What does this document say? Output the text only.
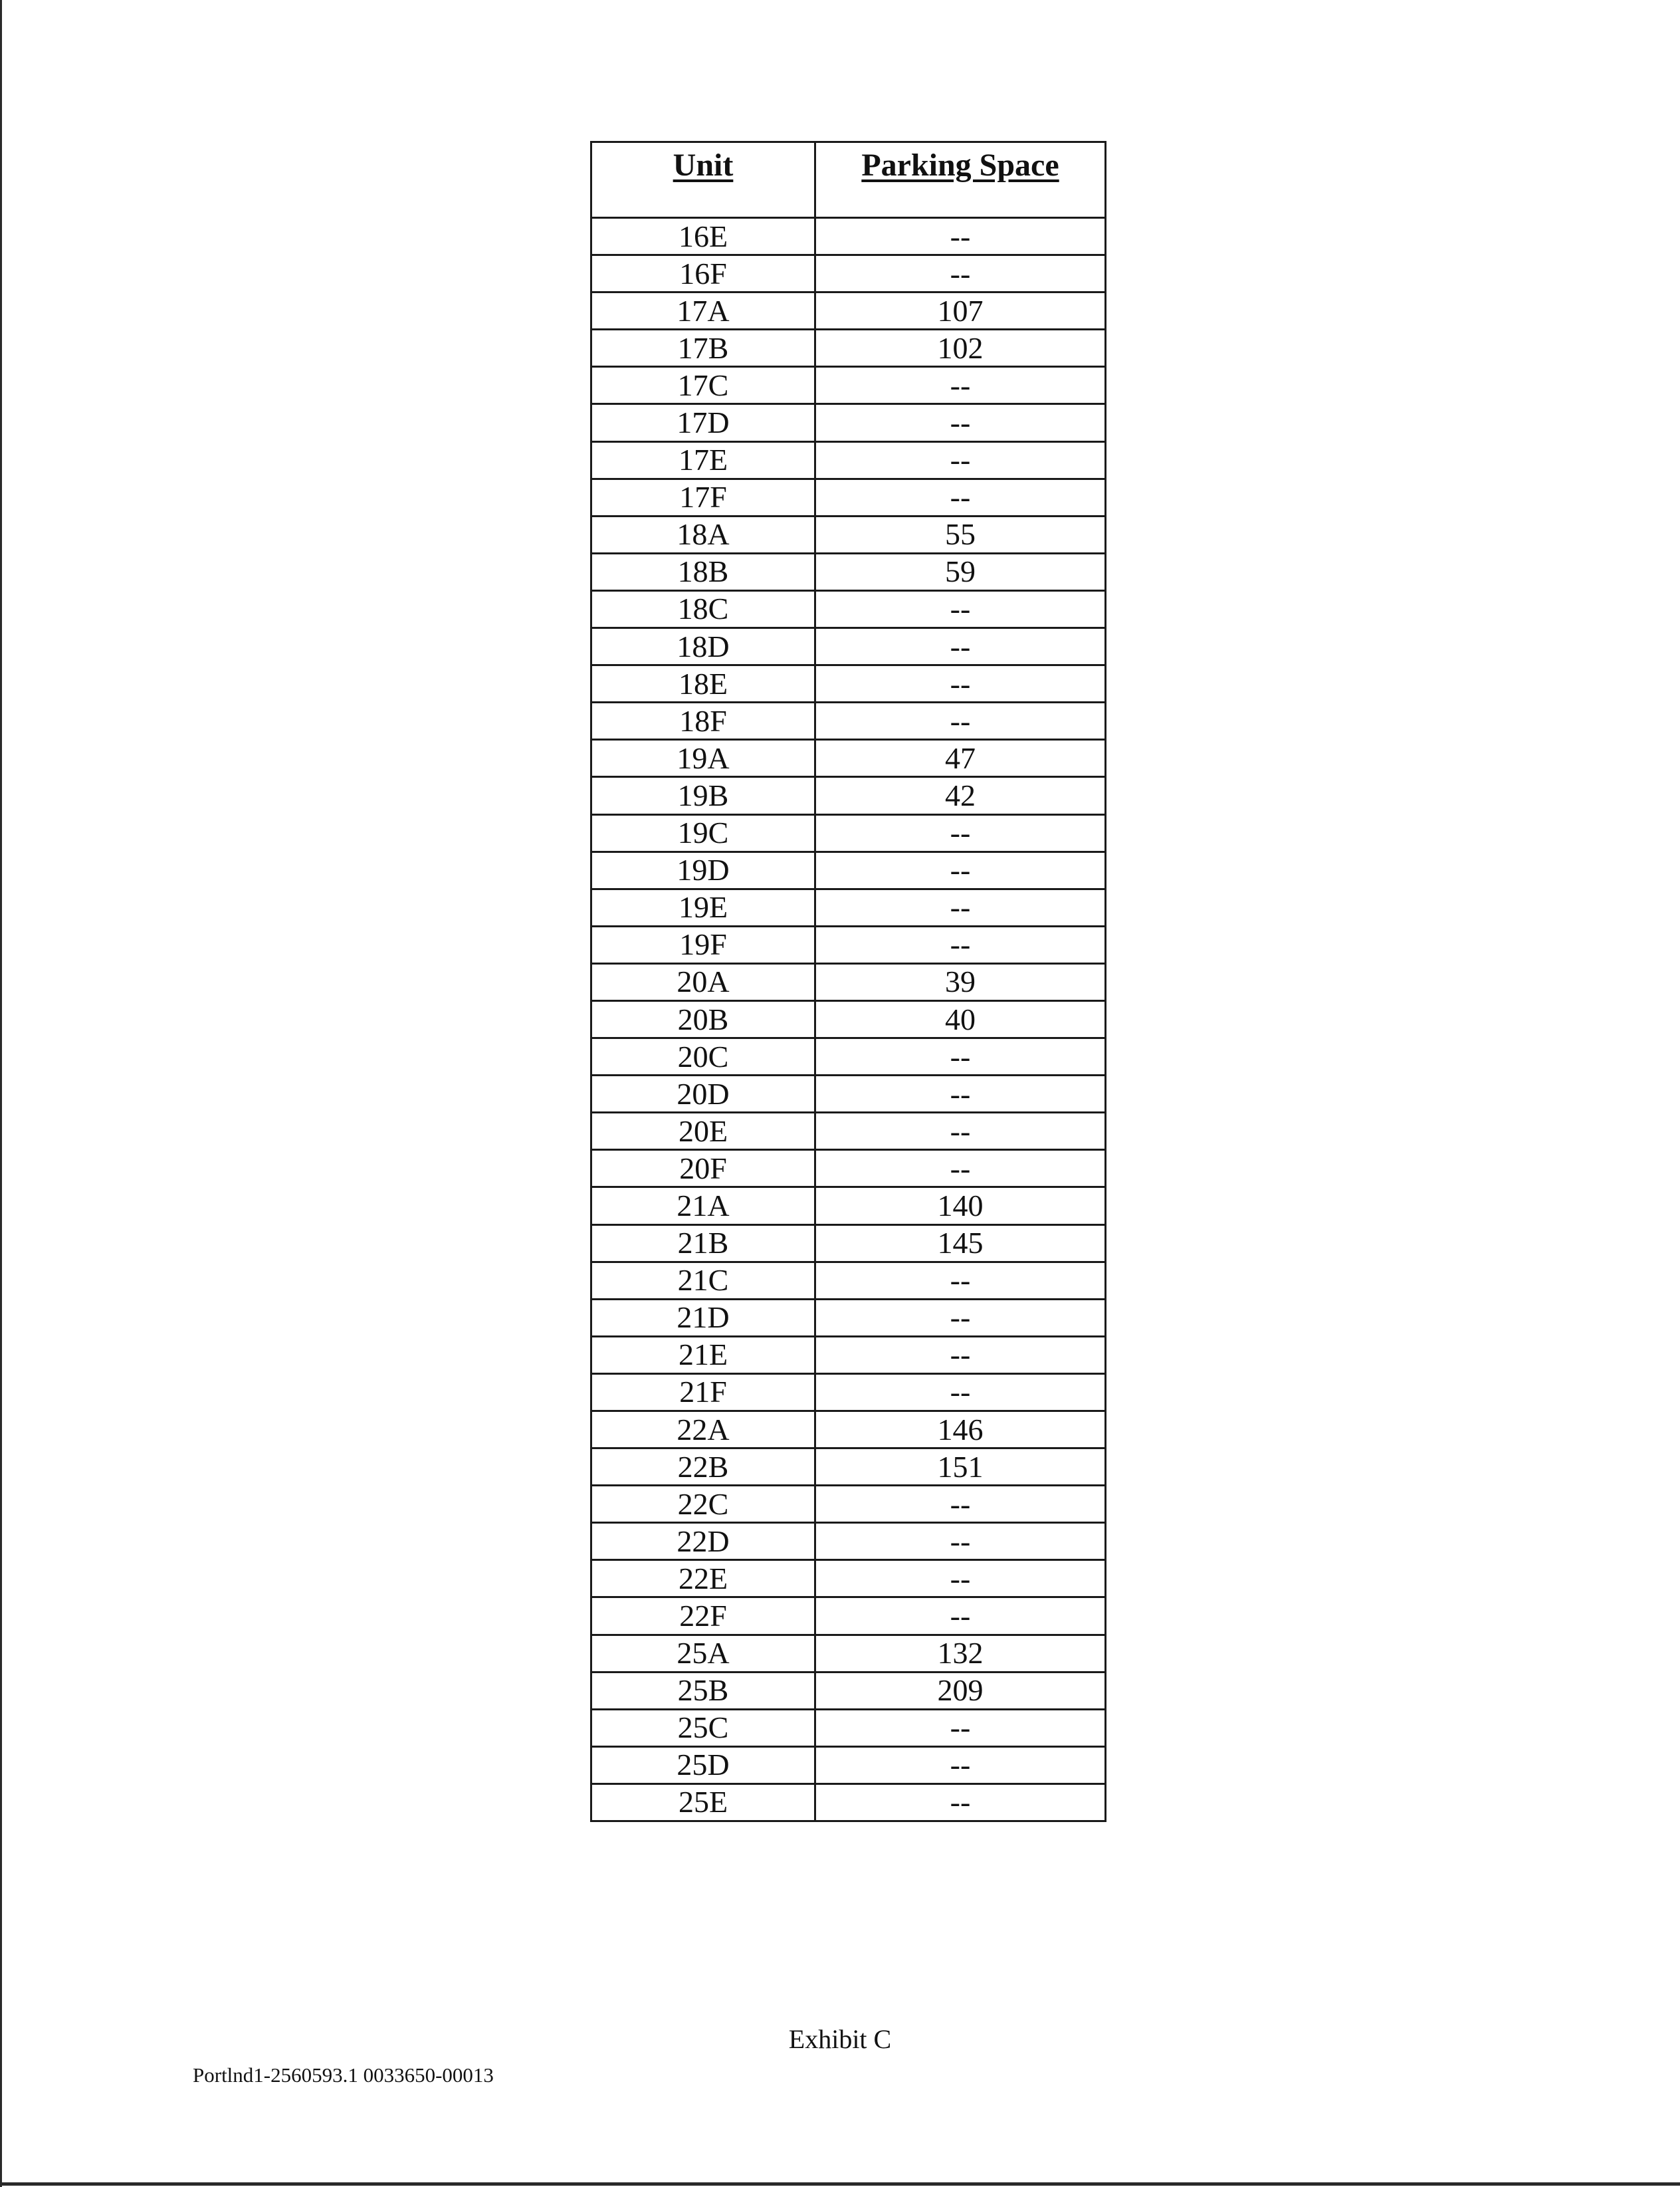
Unit	Parking Space
16E	--
16F	--
17A	107
17B	102
17C	--
17D	--
17E	--
17F	--
18A	55
18B	59
18C	--
18D	--
18E	--
18F	--
19A	47
19B	42
19C	--
19D	--
19E	--
19F	--
20A	39
20B	40
20C	--
20D	--
20E	--
20F	--
21A	140
21B	145
21C	--
21D	--
21E	--
21F	--
22A	146
22B	151
22C	--
22D	--
22E	--
22F	--
25A	132
25B	209
25C	--
25D	--
25E	--
Exhibit C
Portlnd1-2560593.1 0033650-00013
